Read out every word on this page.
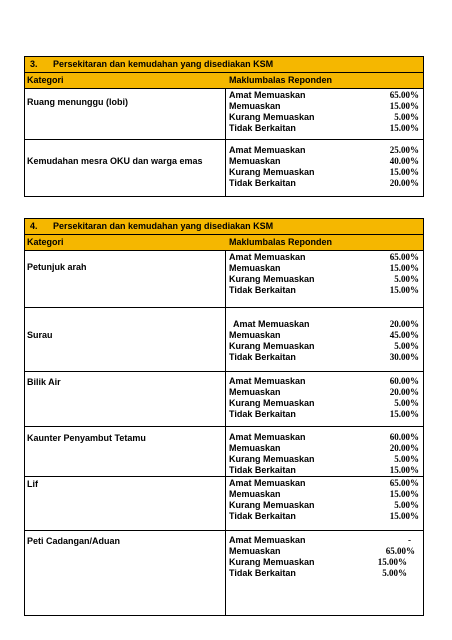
3. Persekitaran dan kemudahan yang disediakan KSM
Kategori	Maklumbalas Reponden
Ruang menunggu (lobi)
Amat Memuaskan	65.00%
Memuaskan	15.00%
Kurang Memuaskan	5.00%
Tidak Berkaitan	15.00%
Kemudahan mesra OKU dan warga emas
Amat Memuaskan	25.00%
Memuaskan	40.00%
Kurang Memuaskan	15.00%
Tidak Berkaitan	20.00%
4. Persekitaran dan kemudahan yang disediakan KSM
Kategori	Maklumbalas Reponden
Petunjuk arah
Amat Memuaskan	65.00%
Memuaskan	15.00%
Kurang Memuaskan	5.00%
Tidak Berkaitan	15.00%
Surau
Amat Memuaskan	20.00%
Memuaskan	45.00%
Kurang Memuaskan	5.00%
Tidak Berkaitan	30.00%
Bilik Air	Amat Memuaskan	60.00%
Memuaskan	20.00%
Kurang Memuaskan	5.00%
Tidak Berkaitan	15.00%
Kaunter Penyambut Tetamu	Amat Memuaskan	60.00%
Memuaskan	20.00%
Kurang Memuaskan	5.00%
Tidak Berkaitan	15.00%
Lif	Amat Memuaskan	65.00%
Memuaskan	15.00%
Kurang Memuaskan	5.00%
Tidak Berkaitan	15.00%
Peti Cadangan/Aduan	Amat Memuaskan	-
Memuaskan	65.00%
Kurang Memuaskan	15.00%
Tidak Berkaitan	5.00%
